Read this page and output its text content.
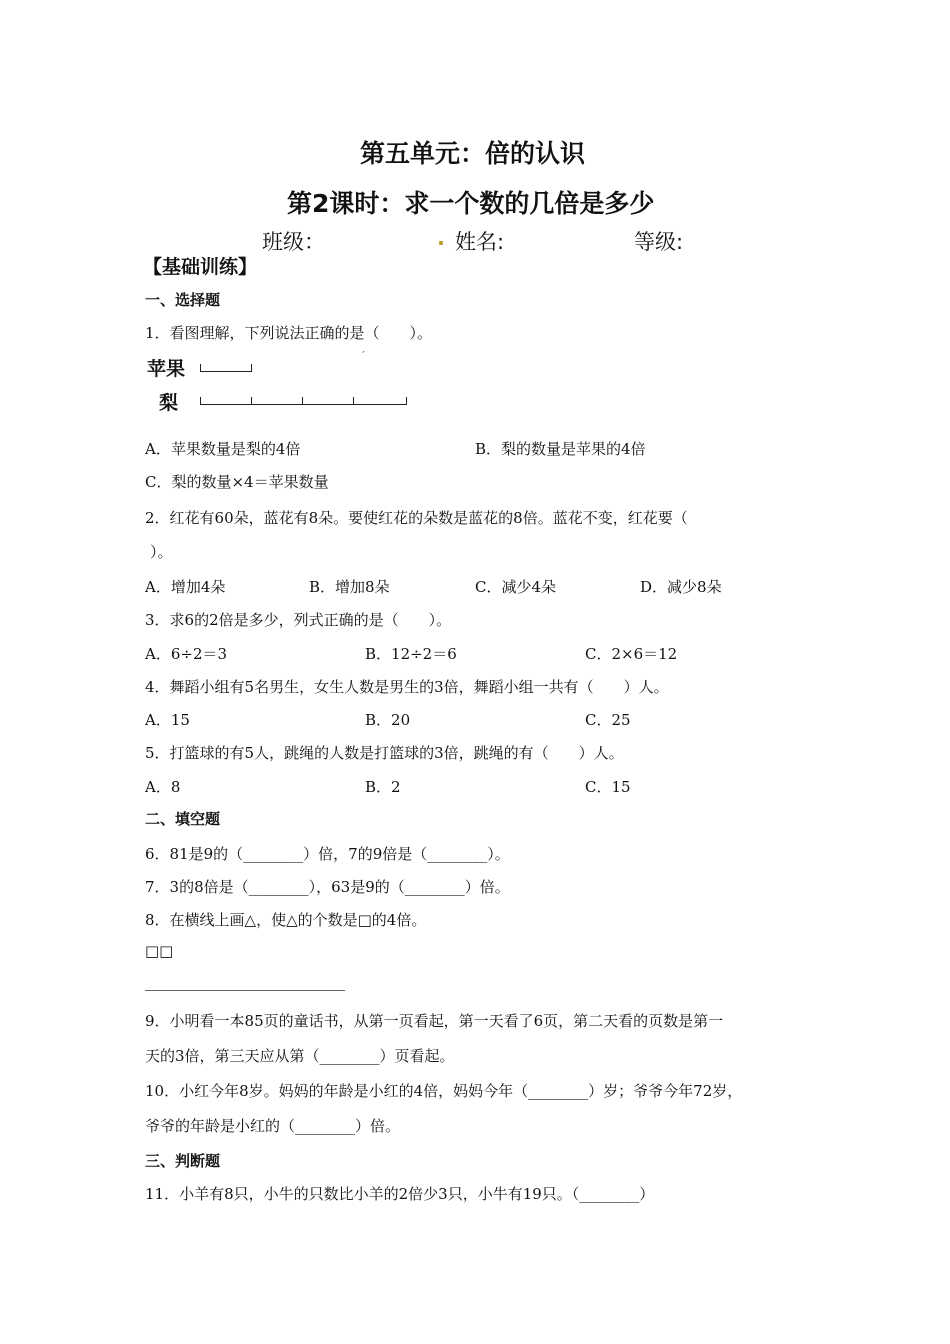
第五单元：倍的认识
第2课时：求一个数的几倍是多少
班级：	. 姓名:	等级:
【基础训练】
一、选择题
1．看图理解，下列说法正确的是（　　）。
苹果
ˊ
梨
A．苹果数量是梨的4倍	B．梨的数量是苹果的4倍
C．梨的数量×4＝苹果数量
2．红花有60朵，蓝花有8朵。要使红花的朵数是蓝花的8倍。蓝花不变，红花要（
）。
A．增加4朵	B．增加8朵	C．减少4朵	D．减少8朵
3．求6的2倍是多少，列式正确的是（　　）。
A．6÷2＝3	B．12÷2＝6	C．2×6＝12
4．舞蹈小组有5名男生，女生人数是男生的3倍，舞蹈小组一共有（　　）人。
A．15	B．20	C．25
5．打篮球的有5人，跳绳的人数是打篮球的3倍，跳绳的有（　　）人。
A．8	B．2	C．15
二、填空题
6．81是9的（________）倍，7的9倍是（________）。
7．3的8倍是（________），63是9的（________）倍。
8．在横线上画△，使△的个数是□的4倍。
□□
9．小明看一本85页的童话书，从第一页看起，第一天看了6页，第二天看的页数是第一
天的3倍，第三天应从第（________）页看起。
10．小红今年8岁。妈妈的年龄是小红的4倍，妈妈今年（________）岁；爷爷今年72岁，
爷爷的年龄是小红的（________）倍。
三、判断题
11．小羊有8只，小牛的只数比小羊的2倍少3只，小牛有19只。（________）
